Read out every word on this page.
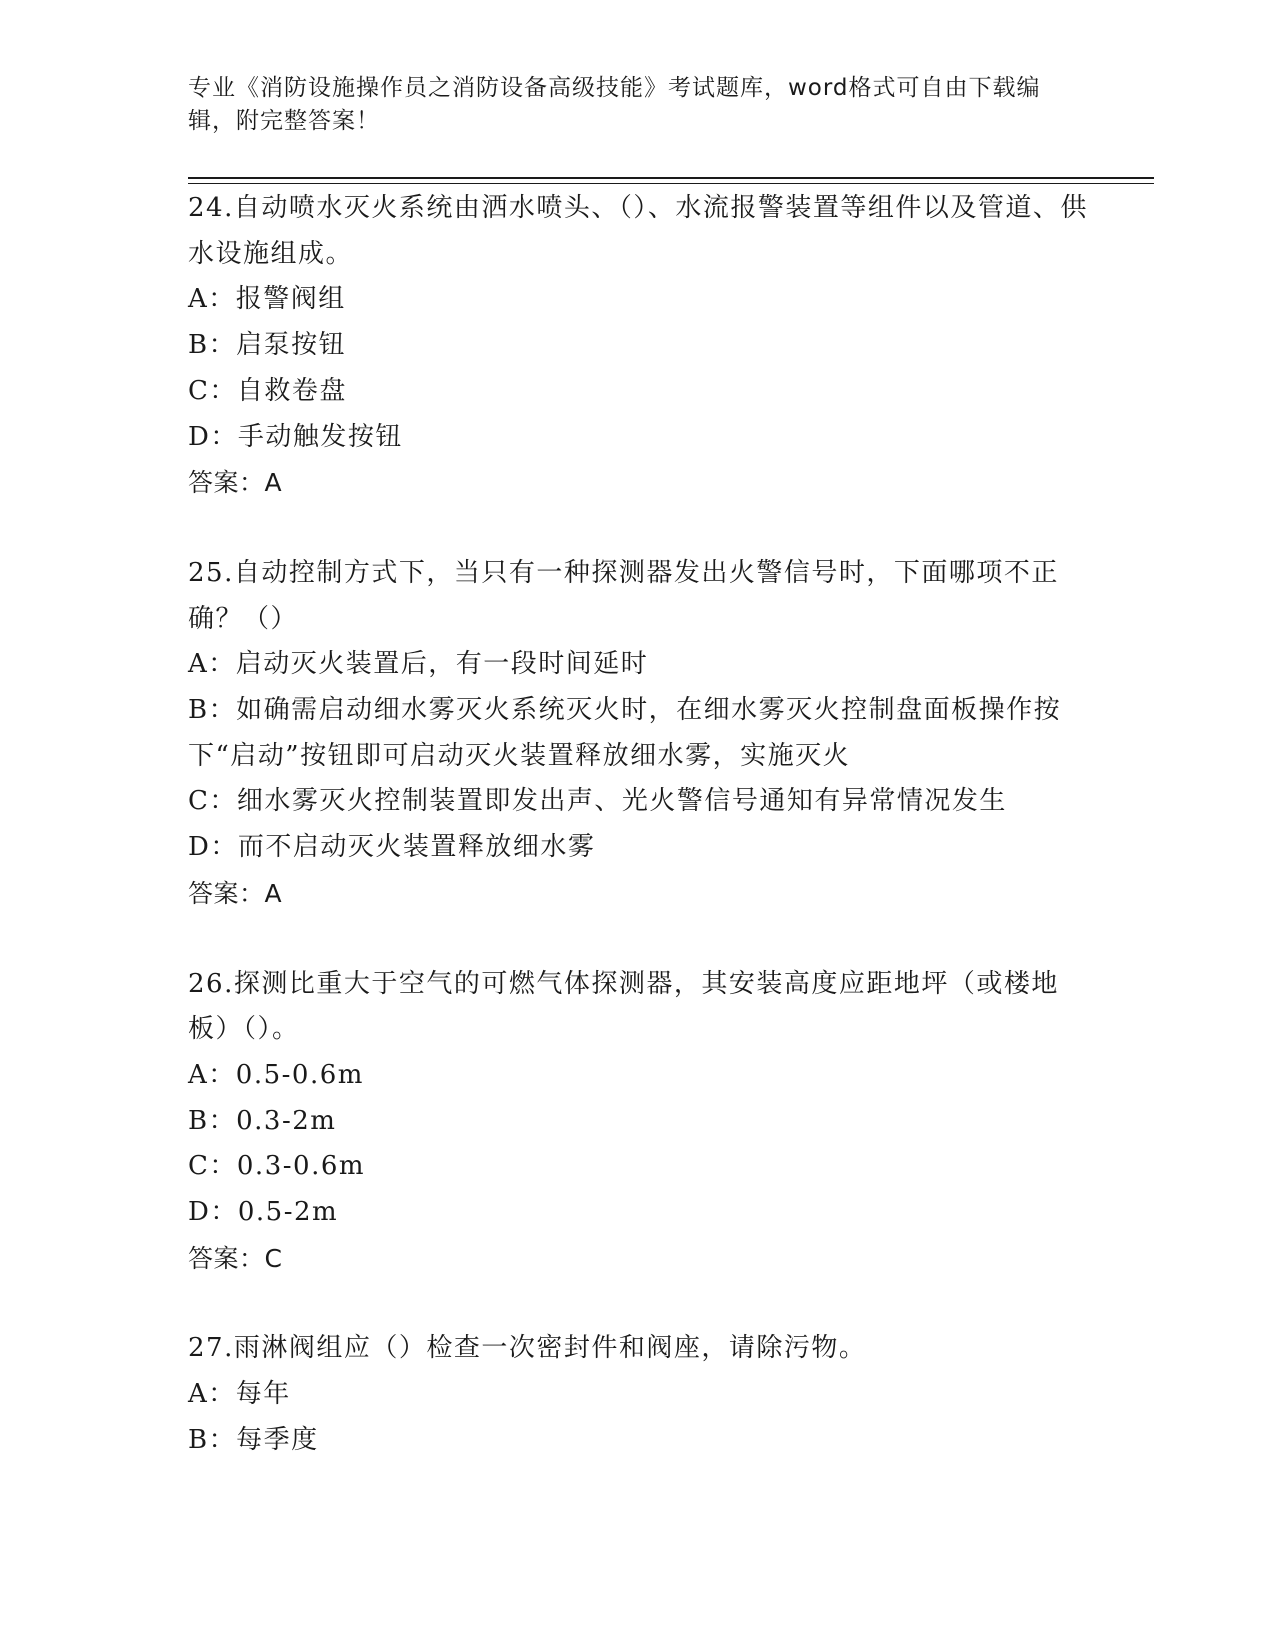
专业《消防设施操作员之消防设备高级技能》考试题库，word格式可自由下载编辑，附完整答案！

24.自动喷水灭火系统由洒水喷头、（）、水流报警装置等组件以及管道、供水设施组成。

A：报警阀组

B：启泵按钮

C：自救卷盘

D：手动触发按钮

答案：A

25.自动控制方式下，当只有一种探测器发出火警信号时，下面哪项不正确？（）

A：启动灭火装置后，有一段时间延时

B：如确需启动细水雾灭火系统灭火时，在细水雾灭火控制盘面板操作按下“启动”按钮即可启动灭火装置释放细水雾，实施灭火

C：细水雾灭火控制装置即发出声、光火警信号通知有异常情况发生

D：而不启动灭火装置释放细水雾

答案：A

26.探测比重大于空气的可燃气体探测器，其安装高度应距地坪（或楼地板）（）。

A：0.5-0.6m

B：0.3-2m

C：0.3-0.6m

D：0.5-2m

答案：C

27.雨淋阀组应（）检查一次密封件和阀座，请除污物。

A：每年

B：每季度
